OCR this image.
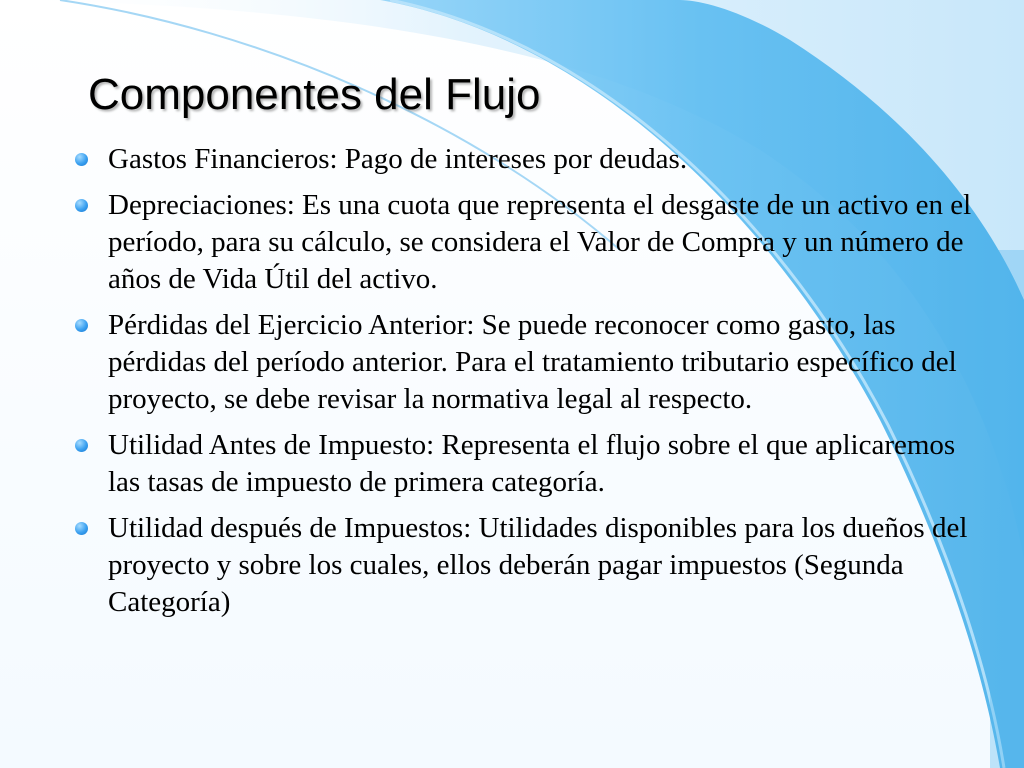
Componentes del Flujo
Gastos Financieros: Pago de intereses por deudas.
Depreciaciones: Es una cuota que representa el desgaste de un activo en el período, para su cálculo, se considera el Valor de Compra y un número de años de Vida Útil del activo.
Pérdidas del Ejercicio Anterior: Se puede reconocer como gasto, las pérdidas del período anterior. Para el tratamiento tributario específico del proyecto, se debe revisar la normativa legal al respecto.
Utilidad Antes de Impuesto: Representa el flujo sobre el que aplicaremos las tasas de impuesto de primera categoría.
Utilidad después de Impuestos: Utilidades disponibles para los dueños del proyecto y sobre los cuales, ellos deberán pagar impuestos (Segunda Categoría)
